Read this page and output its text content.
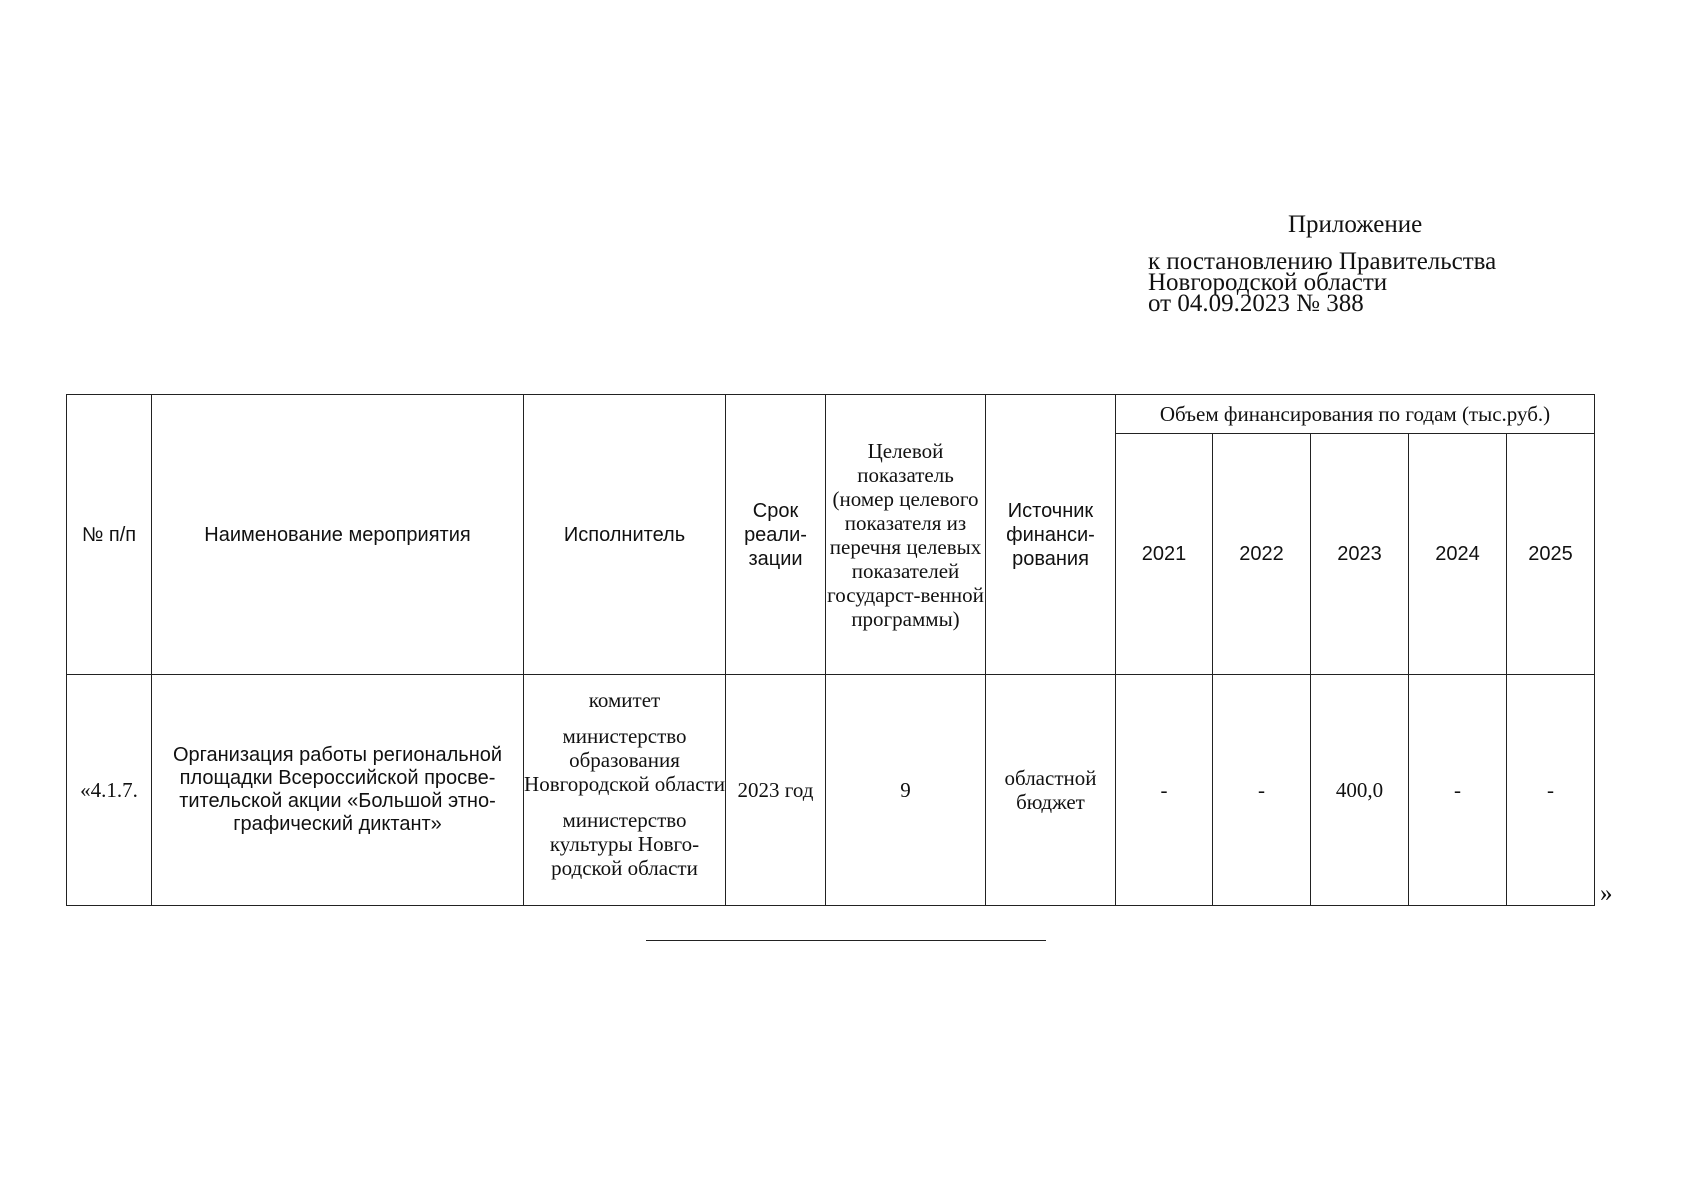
Приложение
к постановлению Правительства
Новгородской области
от 04.09.2023 № 388
№ п/п	Наименование мероприятия	Исполнитель	Срок реали-зации	Целевой показатель (номер целевого показателя из перечня целевых показателей государст-венной программы)	Источник финанси-рования	Объем финансирования по годам (тыс.руб.)				
						2021	2022	2023	2024	2025
«4.1.7.	Организация работы региональной площадки Всероссийской просве-тительской акции «Большой этно-графический диктант»	комитет
министерство образования Новгородской области
министерство культуры Новго-родской области	2023 год	9	областной бюджет	-	-	400,0	-	-
»
